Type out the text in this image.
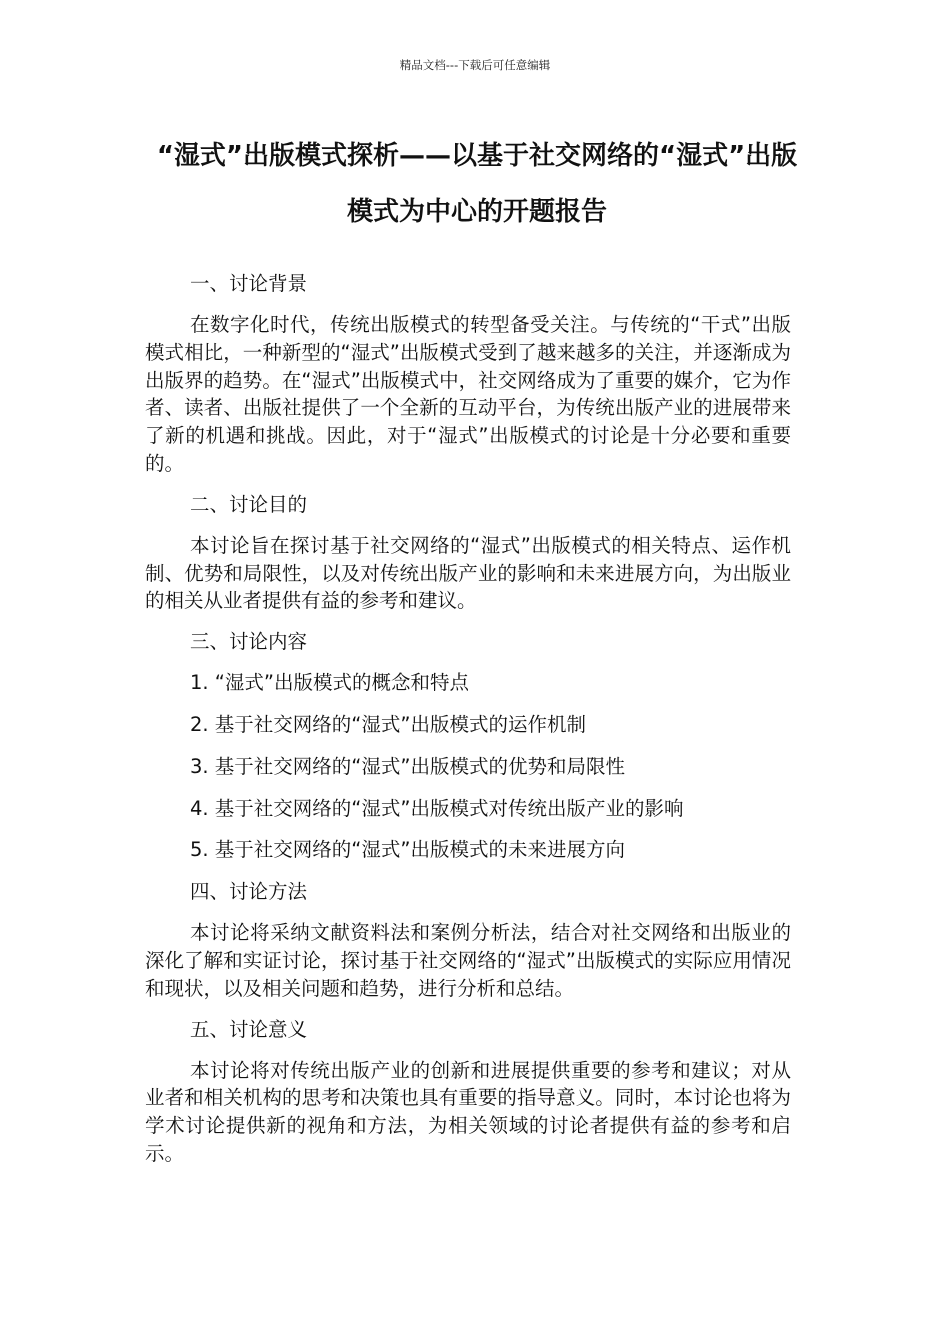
精品文档---下载后可任意编辑
“湿式”出版模式探析——以基于社交网络的“湿式”出版模式为中心的开题报告
一、讨论背景
在数字化时代，传统出版模式的转型备受关注。与传统的“干式”出版模式相比，一种新型的“湿式”出版模式受到了越来越多的关注，并逐渐成为出版界的趋势。在“湿式”出版模式中，社交网络成为了重要的媒介，它为作者、读者、出版社提供了一个全新的互动平台，为传统出版产业的进展带来了新的机遇和挑战。因此，对于“湿式”出版模式的讨论是十分必要和重要的。
二、讨论目的
本讨论旨在探讨基于社交网络的“湿式”出版模式的相关特点、运作机制、优势和局限性，以及对传统出版产业的影响和未来进展方向，为出版业的相关从业者提供有益的参考和建议。
三、讨论内容
1. “湿式”出版模式的概念和特点
2. 基于社交网络的“湿式”出版模式的运作机制
3. 基于社交网络的“湿式”出版模式的优势和局限性
4. 基于社交网络的“湿式”出版模式对传统出版产业的影响
5. 基于社交网络的“湿式”出版模式的未来进展方向
四、讨论方法
本讨论将采纳文献资料法和案例分析法，结合对社交网络和出版业的深化了解和实证讨论，探讨基于社交网络的“湿式”出版模式的实际应用情况和现状，以及相关问题和趋势，进行分析和总结。
五、讨论意义
本讨论将对传统出版产业的创新和进展提供重要的参考和建议；对从业者和相关机构的思考和决策也具有重要的指导意义。同时，本讨论也将为学术讨论提供新的视角和方法，为相关领域的讨论者提供有益的参考和启示。
